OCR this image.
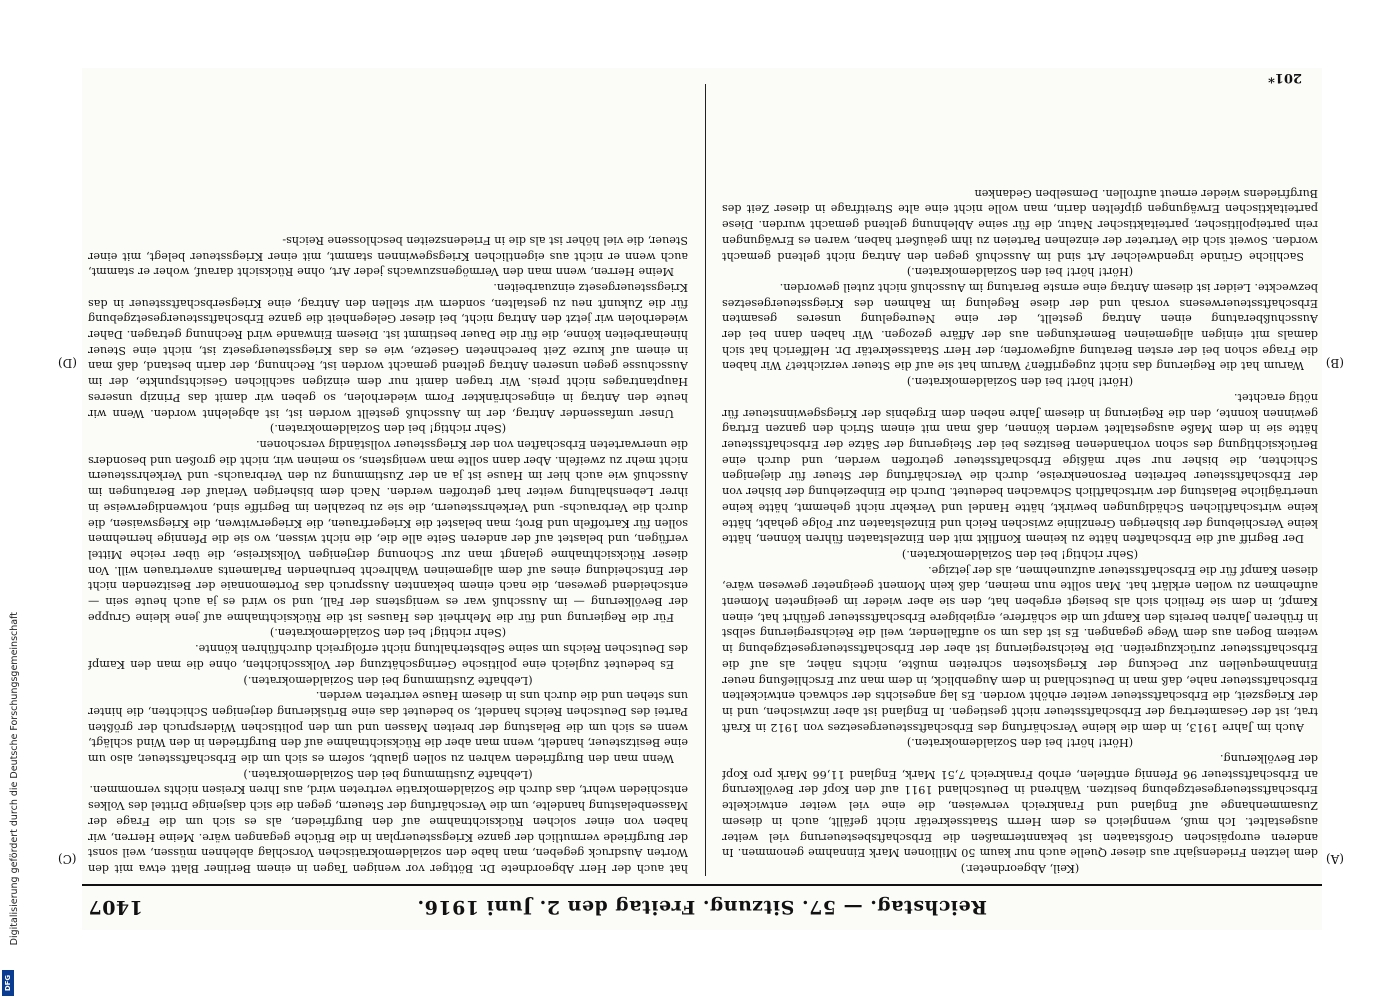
Reichstag. — 57. Sitzung. Freitag den 2. Juni 1916.
1407

(Keil, Abgeordneter.)

dem letzten Friedensjahr aus dieser Quelle auch nur kaum 50 Millionen Mark Einnahme genommen. In anderen europäischen Großstaaten ist bekanntermaßen die Erbschaftsbesteuerung viel weiter ausgestaltet. Ich muß, wenngleich es dem Herrn Staatssekretär nicht gefällt, auch in diesem Zusammenhange auf England und Frankreich verweisen, die eine viel weiter entwickelte Erbschaftssteuergesetzgebung besitzen. Während in Deutschland 1911 auf den Kopf der Bevölkerung an Erbschaftssteuer 96 Pfennig entfielen, erhob Frankreich 7,51 Mark, England 11,66 Mark pro Kopf der Bevölkerung.

(Hört! hört! bei den Sozialdemokraten.)

Auch im Jahre 1913, in dem die kleine Verschärfung des Erbschaftssteuergesetzes von 1912 in Kraft trat, ist der Gesamtertrag der Erbschaftssteuer nicht gestiegen. In England ist aber inzwischen, und in der Kriegszeit, die Erbschaftssteuer weiter erhöht worden. Es lag angesichts der schwach entwickelten Erbschaftssteuer nahe, daß man in Deutschland in dem Augenblick, in dem man zur Erschließung neuer Einnahmequellen zur Deckung der Kriegskosten schreiten mußte, nichts näher, als auf die Erbschaftssteuer zurückzugreifen. Die Reichsregierung ist aber der Erbschaftssteuergesetzgebung in weitem Bogen aus dem Wege gegangen. Es ist das um so auffallender, weil die Reichsregierung selbst in früheren Jahren bereits den Kampf um die schärfere, ergiebigere Erbschaftssteuer geführt hat, einen Kampf, in dem sie freilich sich als besiegt ergeben hat, den sie aber wieder im geeigneten Moment aufnehmen zu wollen erklärt hat. Man sollte nun meinen, daß kein Moment geeigneter gewesen wäre, diesen Kampf für die Erbschaftssteuer aufzunehmen, als der jetzige.

(Sehr richtig! bei den Sozialdemokraten.)

Der Begriff auf die Erbschaften hätte zu keinem Konflikt mit den Einzelstaaten führen können, hätte keine Verschiebung der bisherigen Grenzlinie zwischen Reich und Einzelstaaten zur Folge gehabt, hätte keine wirtschaftlichen Schädigungen bewirkt, hätte Handel und Verkehr nicht gehemmt, hätte keine unerträgliche Belastung der wirtschaftlich Schwachen bedeutet. Durch die Einbeziehung der bisher von der Erbschaftssteuer befreiten Personenkreise, durch die Verschärfung der Steuer für diejenigen Schichten, die bisher nur sehr mäßige Erbschaftssteuer getroffen werden, und durch eine Berücksichtigung des schon vorhandenen Besitzes bei der Steigerung der Sätze der Erbschaftssteuer hätte sie in dem Maße ausgestaltet werden können, daß man mit einem Strich den ganzen Ertrag gewinnen konnte, den die Regierung in diesem Jahre neben dem Ergebnis der Kriegsgewinnsteuer für nötig erachtet.

(Hört! hört! bei den Sozialdemokraten.)

Warum hat die Regierung das nicht zugegriffen? Warum hat sie auf die Steuer verzichtet? Wir haben die Frage schon bei der ersten Beratung aufgeworfen; der Herr Staatssekretär Dr. Helfferich hat sich damals mit einigen allgemeinen Bemerkungen aus der Affäre gezogen. Wir haben dann bei der Ausschußberatung einen Antrag gestellt, der eine Neuregelung unseres gesamten Erbschaftssteuerwesens vorsah und der diese Regelung im Rahmen des Kriegssteuergesetzes bezweckte. Leider ist diesem Antrag eine ernste Beratung im Ausschuß nicht zuteil geworden.

(Hört! hört! bei den Sozialdemokraten.)

Sachliche Gründe irgendwelcher Art sind im Ausschuß gegen den Antrag nicht geltend gemacht worden. Soweit sich die Vertreter der einzelnen Parteien zu ihm geäußert haben, waren es Erwägungen rein parteipolitischer, parteitaktischer Natur, die für seine Ablehnung geltend gemacht wurden. Diese parteitaktischen Erwägungen gipfelten darin, man wolle nicht eine alte Streitfrage in dieser Zeit des Burgfriedens wieder erneut aufrollen. Demselben Gedanken

hat auch der Herr Abgeordnete Dr. Böttger vor wenigen Tagen in einem Berliner Blatt etwa mit den Worten Ausdruck gegeben, man habe den sozialdemokratischen Vorschlag ablehnen müssen, weil sonst der Burgfriede vermutlich der ganze Kriegssteuerplan in die Brüche gegangen wäre. Meine Herren, wir haben von einer solchen Rücksichtnahme auf den Burgfrieden, als es sich um die Frage der Massenbelastung handelte, um die Verschärfung der Steuern, gegen die sich dasjenige Drittel des Volkes entschieden wehrt, das durch die Sozialdemokratie vertreten wird, aus Ihren Kreisen nichts vernommen.

(Lebhafte Zustimmung bei den Sozialdemokraten.)

Wenn man den Burgfrieden wahren zu sollen glaubt, sofern es sich um die Erbschaftssteuer, also um eine Besitzsteuer, handelt, wenn man aber die Rücksichtnahme auf den Burgfrieden in den Wind schlägt, wenn es sich um die Belastung der breiten Massen und um den politischen Widerspruch der größten Partei des Deutschen Reichs handelt, so bedeutet das eine Brüskierung derjenigen Schichten, die hinter uns stehen und die durch uns in diesem Hause vertreten werden.

(Lebhafte Zustimmung bei den Sozialdemokraten.)

Es bedeutet zugleich eine politische Geringschätzung der Volksschichten, ohne die man den Kampf des Deutschen Reichs um seine Selbsterhaltung nicht erfolgreich durchführen könnte.

(Sehr richtig! bei den Sozialdemokraten.)

Für die Regierung und für die Mehrheit des Hauses ist die Rücksichtnahme auf jene kleine Gruppe der Bevölkerung — im Ausschuß war es wenigstens der Fall, und so wird es ja auch heute sein — entscheidend gewesen, die nach einem bekannten Ausspruch das Portemonnaie der Besitzenden nicht der Entscheidung eines auf dem allgemeinen Wahlrecht beruhenden Parlaments anvertrauen will. Von dieser Rücksichtnahme gelangt man zur Schonung derjenigen Volkskreise, die über reiche Mittel verfügen, und belastet auf der anderen Seite alle die, die nicht wissen, wo sie die Pfennige hernehmen sollen für Kartoffeln und Brot; man belastet die Kriegerfrauen, die Kriegerwitwen, die Kriegswaisen, die durch die Verbrauchs- und Verkehrssteuern, die sie zu bezahlen im Begriffe sind, notwendigerweise in ihrer Lebenshaltung weiter hart getroffen werden. Nach dem bisherigen Verlauf der Beratungen im Ausschuß wie auch hier im Hause ist ja an der Zustimmung zu den Verbrauchs- und Verkehrssteuern nicht mehr zu zweifeln. Aber dann sollte man wenigstens, so meinen wir, nicht die großen und besonders die unerwarteten Erbschaften von der Kriegssteuer vollständig verschonen.

(Sehr richtig! bei den Sozialdemokraten.)

Unser umfassender Antrag, der im Ausschuß gestellt worden ist, ist abgelehnt worden. Wenn wir heute den Antrag in eingeschränkter Form wiederholen, so geben wir damit das Prinzip unseres Hauptantrages nicht preis. Wir tragen damit nur dem einzigen sachlichen Gesichtspunkte, der im Ausschusse gegen unseren Antrag geltend gemacht worden ist, Rechnung, der darin bestand, daß man in einem auf kurze Zeit berechneten Gesetze, wie es das Kriegssteuergesetz ist, nicht eine Steuer hineinarbeiten könne, die für die Dauer bestimmt ist. Diesem Einwande wird Rechnung getragen. Daher wiederholen wir jetzt den Antrag nicht, bei dieser Gelegenheit die ganze Erbschaftssteuergesetzgebung für die Zukunft neu zu gestalten, sondern wir stellen den Antrag, eine Kriegserbschaftssteuer in das Kriegssteuergesetz einzuarbeiten.

Meine Herren, wenn man den Vermögenszuwachs jeder Art, ohne Rücksicht darauf, woher er stammt, auch wenn er nicht aus eigentlichen Kriegsgewinnen stammt, mit einer Kriegssteuer belegt, mit einer Steuer, die viel höher ist als die in Friedenszeiten beschlossene Reichs-

(A)
(B)
(C)
(D)
201*
Digitalisierung gefördert durch die Deutsche Forschungsgemeinschaft
DFG
